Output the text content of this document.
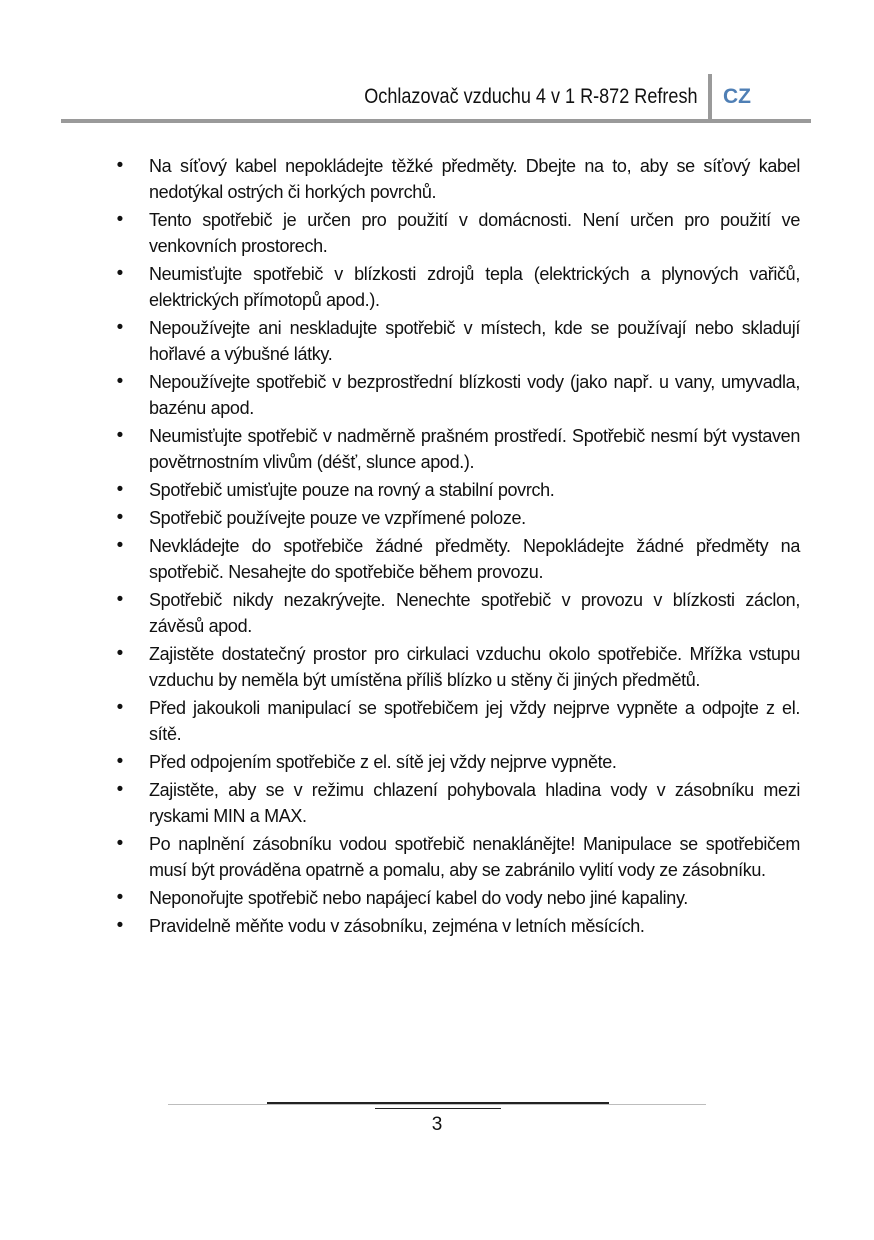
Ochlazovač vzduchu 4 v 1 R-872 Refresh CZ
•	Na síťový kabel nepokládejte těžké předměty. Dbejte na to, aby se síťový kabel nedotýkal ostrých či horkých povrchů.
•	Tento spotřebič je určen pro použití v domácnosti. Není určen pro použití ve venkovních prostorech.
•	Neumisťujte spotřebič v blízkosti zdrojů tepla (elektrických a plynových vařičů, elektrických přímotopů apod.).
•	Nepoužívejte ani neskladujte spotřebič v místech, kde se používají nebo skladují hořlavé a výbušné látky.
•	Nepoužívejte spotřebič v bezprostřední blízkosti vody (jako např. u vany, umyvadla, bazénu apod.
•	Neumisťujte spotřebič v nadměrně prašném prostředí. Spotřebič nesmí být vystaven povětrnostním vlivům (déšť, slunce apod.).
•	Spotřebič umisťujte pouze na rovný a stabilní povrch.
•	Spotřebič používejte pouze ve vzpřímené poloze.
•	Nevkládejte do spotřebiče žádné předměty. Nepokládejte žádné předměty na spotřebič. Nesahejte do spotřebiče během provozu.
•	Spotřebič nikdy nezakrývejte. Nenechte spotřebič v provozu v blízkosti záclon, závěsů apod.
•	Zajistěte dostatečný prostor pro cirkulaci vzduchu okolo spotřebiče. Mřížka vstupu vzduchu by neměla být umístěna příliš blízko u stěny či jiných předmětů.
•	Před jakoukoli manipulací se spotřebičem jej vždy nejprve vypněte a odpojte z el. sítě.
•	Před odpojením spotřebiče z el. sítě jej vždy nejprve vypněte.
•	Zajistěte, aby se v režimu chlazení pohybovala hladina vody v zásobníku mezi ryskami MIN a MAX.
•	Po naplnění zásobníku vodou spotřebič nenaklánějte! Manipulace se spotřebičem musí být prováděna opatrně a pomalu, aby se zabránilo vylití vody ze zásobníku.
•	Neponořujte spotřebič nebo napájecí kabel do vody nebo jiné kapaliny.
•	Pravidelně měňte vodu v zásobníku, zejména v letních měsících.
3
